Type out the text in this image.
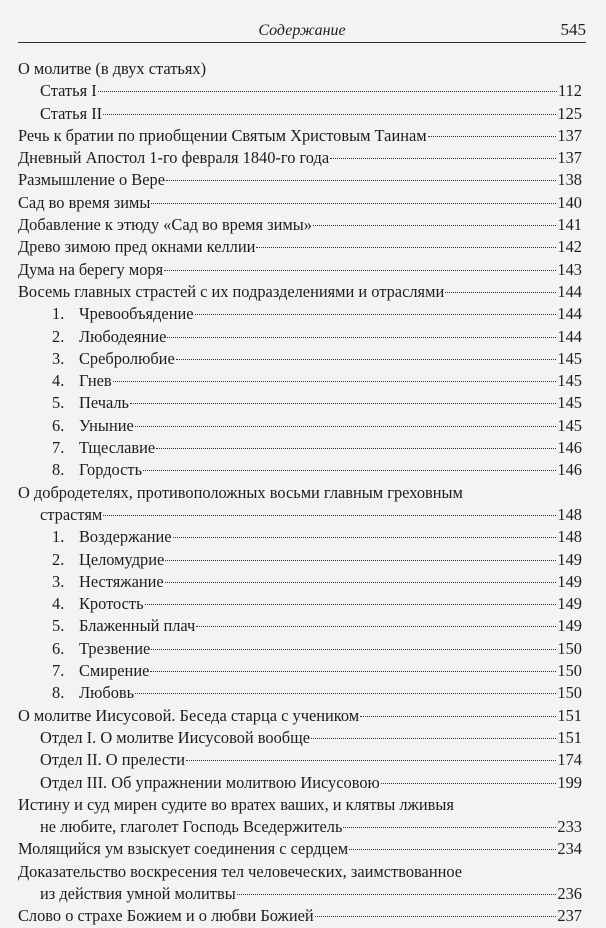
Содержание	545
О молитве (в двух статьях)
Статья I	112
Статья II	125
Речь к братии по приобщении Святым Христовым Таинам	137
Дневный Апостол 1-го февраля 1840-го года	137
Размышление о Вере	138
Сад во время зимы	140
Добавление к этюду «Сад во время зимы»	141
Древо зимою пред окнами келлии	142
Дума на берегу моря	143
Восемь главных страстей с их подразделениями и отраслями	144
1. Чревообъядение	144
2. Любодеяние	144
3. Сребролюбие	145
4. Гнев	145
5. Печаль	145
6. Уныние	145
7. Тщеславие	146
8. Гордость	146
О добродетелях, противоположных восьми главным греховным
страстям	148
1. Воздержание	148
2. Целомудрие	149
3. Нестяжание	149
4. Кротость	149
5. Блаженный плач	149
6. Трезвение	150
7. Смирение	150
8. Любовь	150
О молитве Иисусовой. Беседа старца с учеником	151
Отдел I. О молитве Иисусовой вообще	151
Отдел II. О прелести	174
Отдел III. Об упражнении молитвою Иисусовою	199
Истину и суд мирен судите во вратех ваших, и клятвы лживыя
не любите, глаголет Господь Вседержитель	233
Молящийся ум взыскует соединения с сердцем	234
Доказательство воскресения тел человеческих, заимствованное
из действия умной молитвы	236
Слово о страхе Божием и о любви Божией	237
